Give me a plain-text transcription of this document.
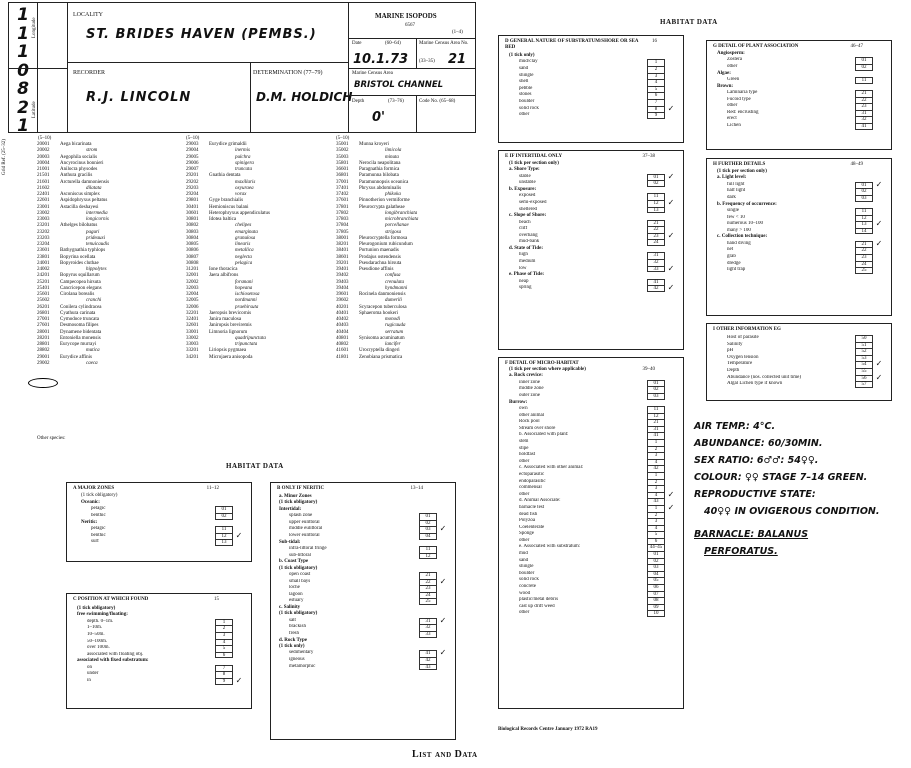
1
1
1
0
8
2
1
Longitude
Latitude
Grid Ref. (25–32)
LOCALITY
ST. BRIDES HAVEN (PEMBS.)
RECORDER
R.J. LINCOLN
DETERMINATION (77–79)
D.M. HOLDICH
MARINE ISOPODS
6567
(1–4)
Date	(60–64)
10.1.73
Marine Census Area No.
(33–35) 21
Marine Census Area
BRISTOL CHANNEL
Depth	(73–76)	Code No. (65–68)
0'
(5–10)	(5–10)	(5–10)
20001	Aega bicarinata
20002	strom
20003	Aegophila socialis
20004	Ancyrocinus bonnieri
21001	Anilocra physodes
21501	Anthura gracilis
21601	Arcturella damnoniensis
21602	dilatata
22401	Asconiscus simplex
22601	Aspidophryxus peltatus
23001	Astacilla deshayesi
23002	intermedia
23003	longicornis
23201	Athelges bilobatus
23202	paguri
23203	prideauxi
23204	tenuicaudis
23601	Bathygnathia typhlops
23801	Bopyrina ocellata
24001	Bopyroides cluthae
24002	hippolytes
24201	Bopyrus squillarum
25201	Campecopea hirsuta
25401	Cancricepon elegans
25601	Cirolana borealis
25602	cranchi
26201	Conilera cylindracea
26801	Cyathura carinata
27001	Cymodoce truncata
27601	Desmosoma filipes
28001	Dynamene bidentata
28201	Entoniella monensis
28801	Eurycope murrayi
28802	mutica
29001	Eurydice affinis
29002	caeca
29003	Eurydice grimaldii
29004	inermis
29005	pulchra
29006	spinigera
29007	truncata
29201	Gnathia dentata
29202	maxillaris
29203	oxyuraea
29204	vorax
29801	Gyge branchialis
30401	Hemioniscus balani
30601	Heterophryxus appendiculatus
30801	Idotea baltica
30802	chelipes
30803	emarginata
30804	granulosa
30805	linearis
30806	metallica
30807	neglecta
30808	pelagica
31201	Ione thoracica
32001	Jaera albifrons
32002	forsmani
32003	hopeana
32004	ischiosetosa
32005	nordmanni
32006	praehirsuta
32201	Jaeropsis brevicornis
32401	Janira maculosa
32601	Janiropsis breviremis
33001	Limnoria lignorum
33002	quadripunctata
33003	tripunctata
33201	Liriopsis pygmaea
34201	Microjaera anisopoda
35001	Munna kroyeri
35002	limicola
35003	minuta
35801	Nerocila neapolitana
36601	Paragnathia formica
36801	Paramunna bilobata
37001	Paramunnopsis oceanica
37401	Phryxus abdominalis
37402	phikoka
37601	Pinnotherion vermiforme
37801	Pleurocrypta galatheae
37802	longibranchiata
37803	microbranchiata
37804	porcellanae
37805	strigosa
38001	Pleurocryptella formosa
38201	Pleurogonium rubicundum
38401	Portunion maenadis
38601	Prodajus ostendensis
39201	Pseudarachna hirsuta
39401	Pseudione affinis
39402	confusa
39403	crenulata
39404	hyndmanni
39601	Rocinela danmoniensis
39602	dumerili
40201	Scyracepon tuberculosa
40401	Sphaeroma hookeri
40402	monodi
40403	rugicauda
40404	serratum
40801	Synisoma acuminatum
40802	lancifer
41601	Urocryptella dingeri
41801	Zenobiana prismatica
Other species:
HABITAT DATA
A MAJOR ZONES	11–12
(1 tick obligatory)
Oceanic:
pelagic	01
benthic	02
Neritic:
pelagic	11
benthic	12	✓
surf	13
B ONLY IF NERITIC	13–14
a. Minor Zones
(1 tick obligatory)
Intertidal:
splash zone	01
upper eulittoral	02
middle eulittoral	03	✓
lower eulittoral	04
Sub-tidal:
infra-littoral fringe	11
sub-littoral	12
b. Coast Type
(1 tick obligatory)
open coast	21
small bays	22	✓
loche	23
lagoon	24
estuary	25
c. Salinity
(1 tick obligatory)
salt	31	✓
brackish	32
fresh	33
d. Rock Type
(1 tick only)
sedimentary	41	✓
igneous	42
metamorphic	43
C POSITION AT WHICH FOUND	15
(1 tick obligatory)
free swimming/floating:
depth. 0–1m.	1
1–10m.	2
10–50m.	3
50–100m.	4
over 100m.	5
associated with floating obj.	6
associated with fixed substratum:
on	7
under	8
in	9	✓
HABITAT DATA
D GENERAL NATURE OF SUBSTRATUM/SHORE OR SEA BED
16
(1 tick only)
mud/clay	1
sand	2
shingle	3
shell	4
pebble	5
stones	6
boulder	7
solid rock	8	✓
other	9
E IF INTERTIDAL ONLY	37–38
(1 tick per section only)
a. Shore Type:
stable	01	✓
unstable	02
b. Exposure:
exposed	11
semi-exposed	12	✓
sheltered	13
c. Slope of Shore:
beach	21
cliff	22
overhang	23	✓
mud-bank	24
d. State of Tide:
high	31
medium	32
low	33	✓
e. Phase of Tide:
neap	41
spring	42	✓
F DETAIL OF MICRO-HABITAT
39–40
(1 tick per section where applicable)
a. Rock crevice:
inner zone	01
middle zone	02
outer zone	03
Burrow:
own	11
other animal	12
Rock pool	21
Stream over shore	31
b. Associated with plant:	41
stem	1
stipe	2
holdfast	3
other	4
c. Associated with other animal:	42
ectoparasitic	1
endoparasitic	2
commensal	3
other	4	✓
d. Animal Associate:	43
barnacle test	1	✓
dead fish	2
Polyzoa	3
Coelenterate	4
Sponge	5
other	6
e. Associated with substratum:	44–45
mud	01
sand	02
shingle	03
boulder	04
solid rock	05
concrete	06
wood	07
plastic/metal debris	08
cast up drift weed	09
other	10
G DETAIL OF PLANT ASSOCIATION	46–47
Angiosperm:
Zostera	01
other	02
Algae:
Green	11
Brown:
Laminaria type	21
Fucoid type	22
other	23
Red: encrusting	31
erect	32
Lichen	41
H FURTHER DETAILS	48–49
(1 tick per section only)
a. Light level:
full light	01	✓
half light	02
dark	03
b. Frequency of occurrence:
single	11
few < 10	12
numerous 10–100	13	✓
many > 100	14
c. Collection technique:
hand diving	21	✓
net	22
grab	23
dredge	24
light trap	25
I OTHER INFORMATION EG
Host of parasite	50
Salinity	51
pH	52
Oxygen tension	53
Temperature	54	✓
Depth	55
Abundance (nos. collected unit time)	56	✓
Algal Lichen type if known	57
AIR TEMP.: 4°C.
ABUNDANCE: 60/30MIN.
SEX RATIO: 6♂♂: 54♀♀.
COLOUR: ♀♀ STAGE 7–14 GREEN.
REPRODUCTIVE STATE:
40♀♀ IN OVIGEROUS CONDITION.
BARNACLE: BALANUS
PERFORATUS.
Biological Records Centre January 1972 RA19
List and Data
